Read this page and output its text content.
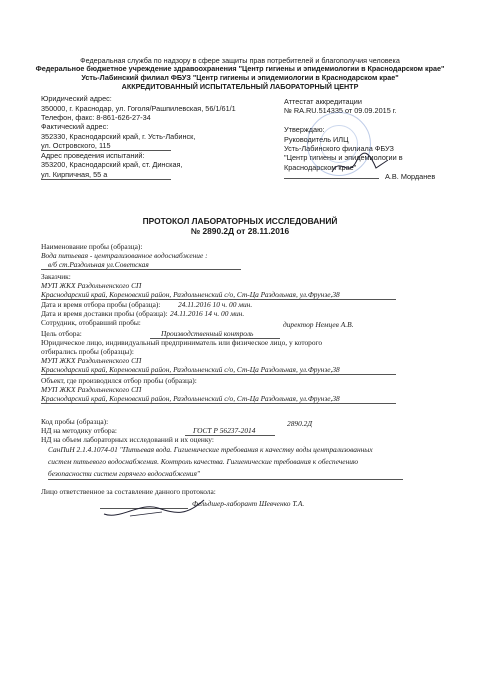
Федеральная служба по надзору в сфере защиты прав потребителей и благополучия человека
Федеральное бюджетное учреждение здравоохранения "Центр гигиены и эпидемиологии в Краснодарском крае"
Усть-Лабинский филиал ФБУЗ "Центр гигиены и эпидемиологии в Краснодарском крае"
АККРЕДИТОВАННЫЙ ИСПЫТАТЕЛЬНЫЙ ЛАБОРАТОРНЫЙ ЦЕНТР
Юридический адрес:
350000, г. Краснодар, ул. Гоголя/Рашпилевская, 56/1/61/1
Телефон, факс: 8-861-626-27-34
Фактический адрес:
352330, Краснодарский край, г. Усть-Лабинск,
ул. Островского, 115
Адрес проведения испытаний:
353200, Краснодарский край, ст. Динская,
ул. Кирпичная, 55 а
Аттестат аккредитации
№ RA.RU.514335 от 09.09.2015 г.
Утверждаю:
Руководитель ИЛЦ
Усть-Лабинского филиала ФБУЗ
"Центр гигиены и эпидемиологии в
Краснодарском крае"
А.В. Морданев
ПРОТОКОЛ ЛАБОРАТОРНЫХ ИССЛЕДОВАНИЙ
№ 2890.2Д от 28.11.2016
Наименование пробы (образца):
Вода питьевая - централизованное водоснабжение :
в/б ст.Раздольная ул.Советская
Заказчик:
МУП ЖКХ Раздольненского СП
Краснодарский край, Кореновский район, Раздольненский с/о, Ст-Ца Раздольная, ул.Фрунзе,38
Дата и время отбора пробы (образца): 24.11.2016 10 ч. 00 мин.
Дата и время доставки пробы (образца): 24.11.2016 14 ч. 00 мин.
Сотрудник, отобравший пробы:	директор Немцев А.В.
Цель отбора:	Производственный контроль
Юридическое лицо, индивидуальный предприниматель или физическое лицо, у которого
отбирались пробы (образцы):
МУП ЖКХ Раздольненского СП
Краснодарский край, Кореновский район, Раздольненский с/о, Ст-Ца Раздольная, ул.Фрунзе,38
Объект, где производился отбор пробы (образца):
МУП ЖКХ Раздольненского СП
Краснодарский край, Кореновский район, Раздольненский с/о, Ст-Ца Раздольная, ул.Фрунзе,38
Код пробы (образца):	2890.2Д
НД на методику отбора:	ГОСТ Р 56237-2014
НД на объем лабораторных исследований и их оценку:
СанПиН 2.1.4.1074-01 "Питьевая вода. Гигиенические требования к качеству воды централизованных
систем питьевого водоснабжения. Контроль качества. Гигиенические требования к обеспечению
безопасности систем горячего водоснабжения"
Лицо ответственное за составление данного протокола:
Фельдшер-лаборант Шевченко Т.А.
